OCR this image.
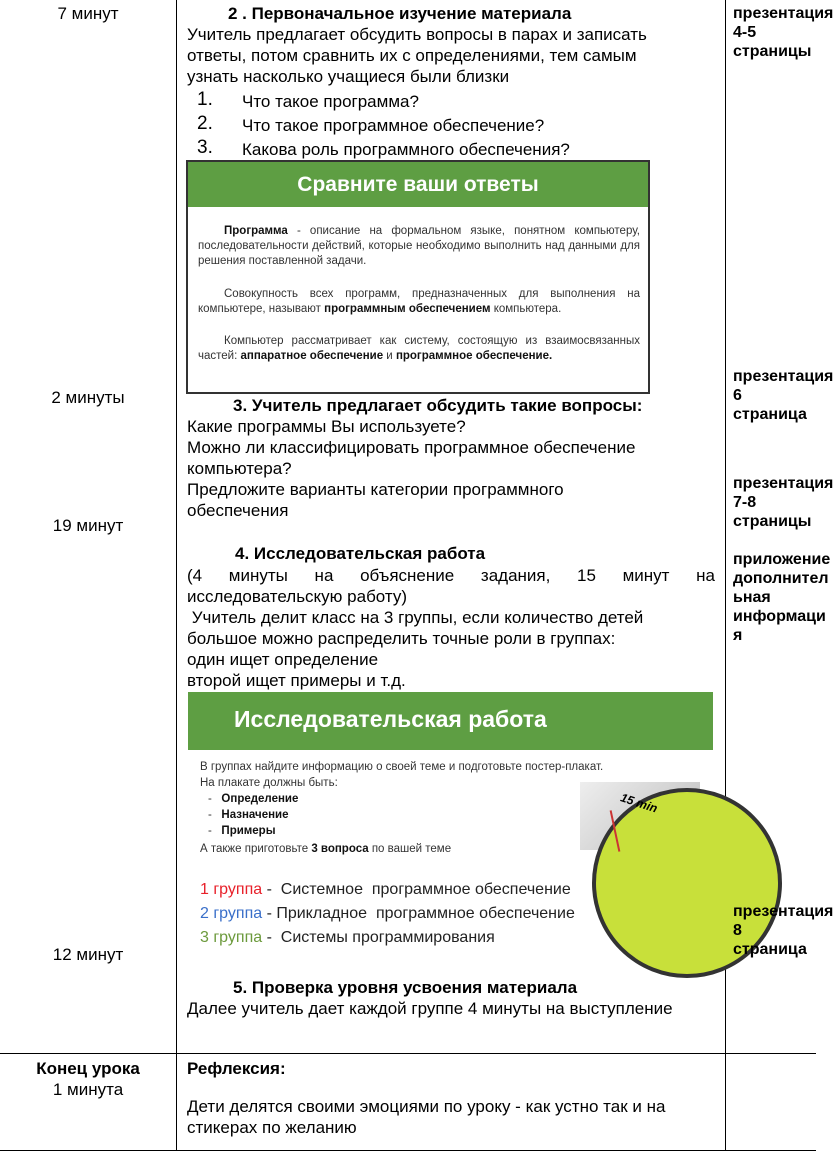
7 минут
2 минуты
19 минут
12 минут
Конец урока
1 минута
2 . Первоначальное изучение материала
Учитель предлагает обсудить вопросы в парах и записать
ответы, потом сравнить их с определениями, тем самым
узнать насколько учащиеся были близки
1. Что такое программа?
2. Что такое программное обеспечение?
3. Какова роль программного обеспечения?
Сравните ваши ответы
Программа - описание на формальном языке, понятном компьютеру, последовательности действий, которые необходимо выполнить над данными для решения поставленной задачи.
Совокупность всех программ, предназначенных для выполнения на компьютере, называют программным обеспечением компьютера.
Компьютер рассматривает как систему, состоящую из взаимосвязанных частей: аппаратное обеспечение и программное обеспечение.
3. Учитель предлагает обсудить такие вопросы:
Какие программы Вы используете?
Можно ли классифицировать программное обеспечение
компьютера?
Предложите варианты категории программного
обеспечения
4. Исследовательская работа
(4 минуты на объяснение задания, 15 минут на
исследовательскую работу)
Учитель делит класс на 3 группы, если количество детей
большое можно распределить точные роли в группах:
один ищет определение
второй ищет примеры и т.д.
Исследовательская работа
В группах найдите информацию о своей теме и подготовьте постер-плакат.
На плакате должны быть:
-   Определение
-   Назначение
-   Примеры
А также приготовьте 3 вопроса по вашей теме
15 min
1 группа -  Системное  программное обеспечение
2 группа - Прикладное  программное обеспечение
3 группа -  Системы программирования
5. Проверка уровня усвоения материала
Далее учитель дает каждой группе 4 минуты на выступление
Рефлексия:
Дети делятся своими эмоциями по уроку - как устно так и на
стикерах по желанию
презентация
4-5
страницы
презентация
6 страница
презентация
7-8
страницы
приложение
дополнител
ьная
информаци
я
презентация
8 страница
